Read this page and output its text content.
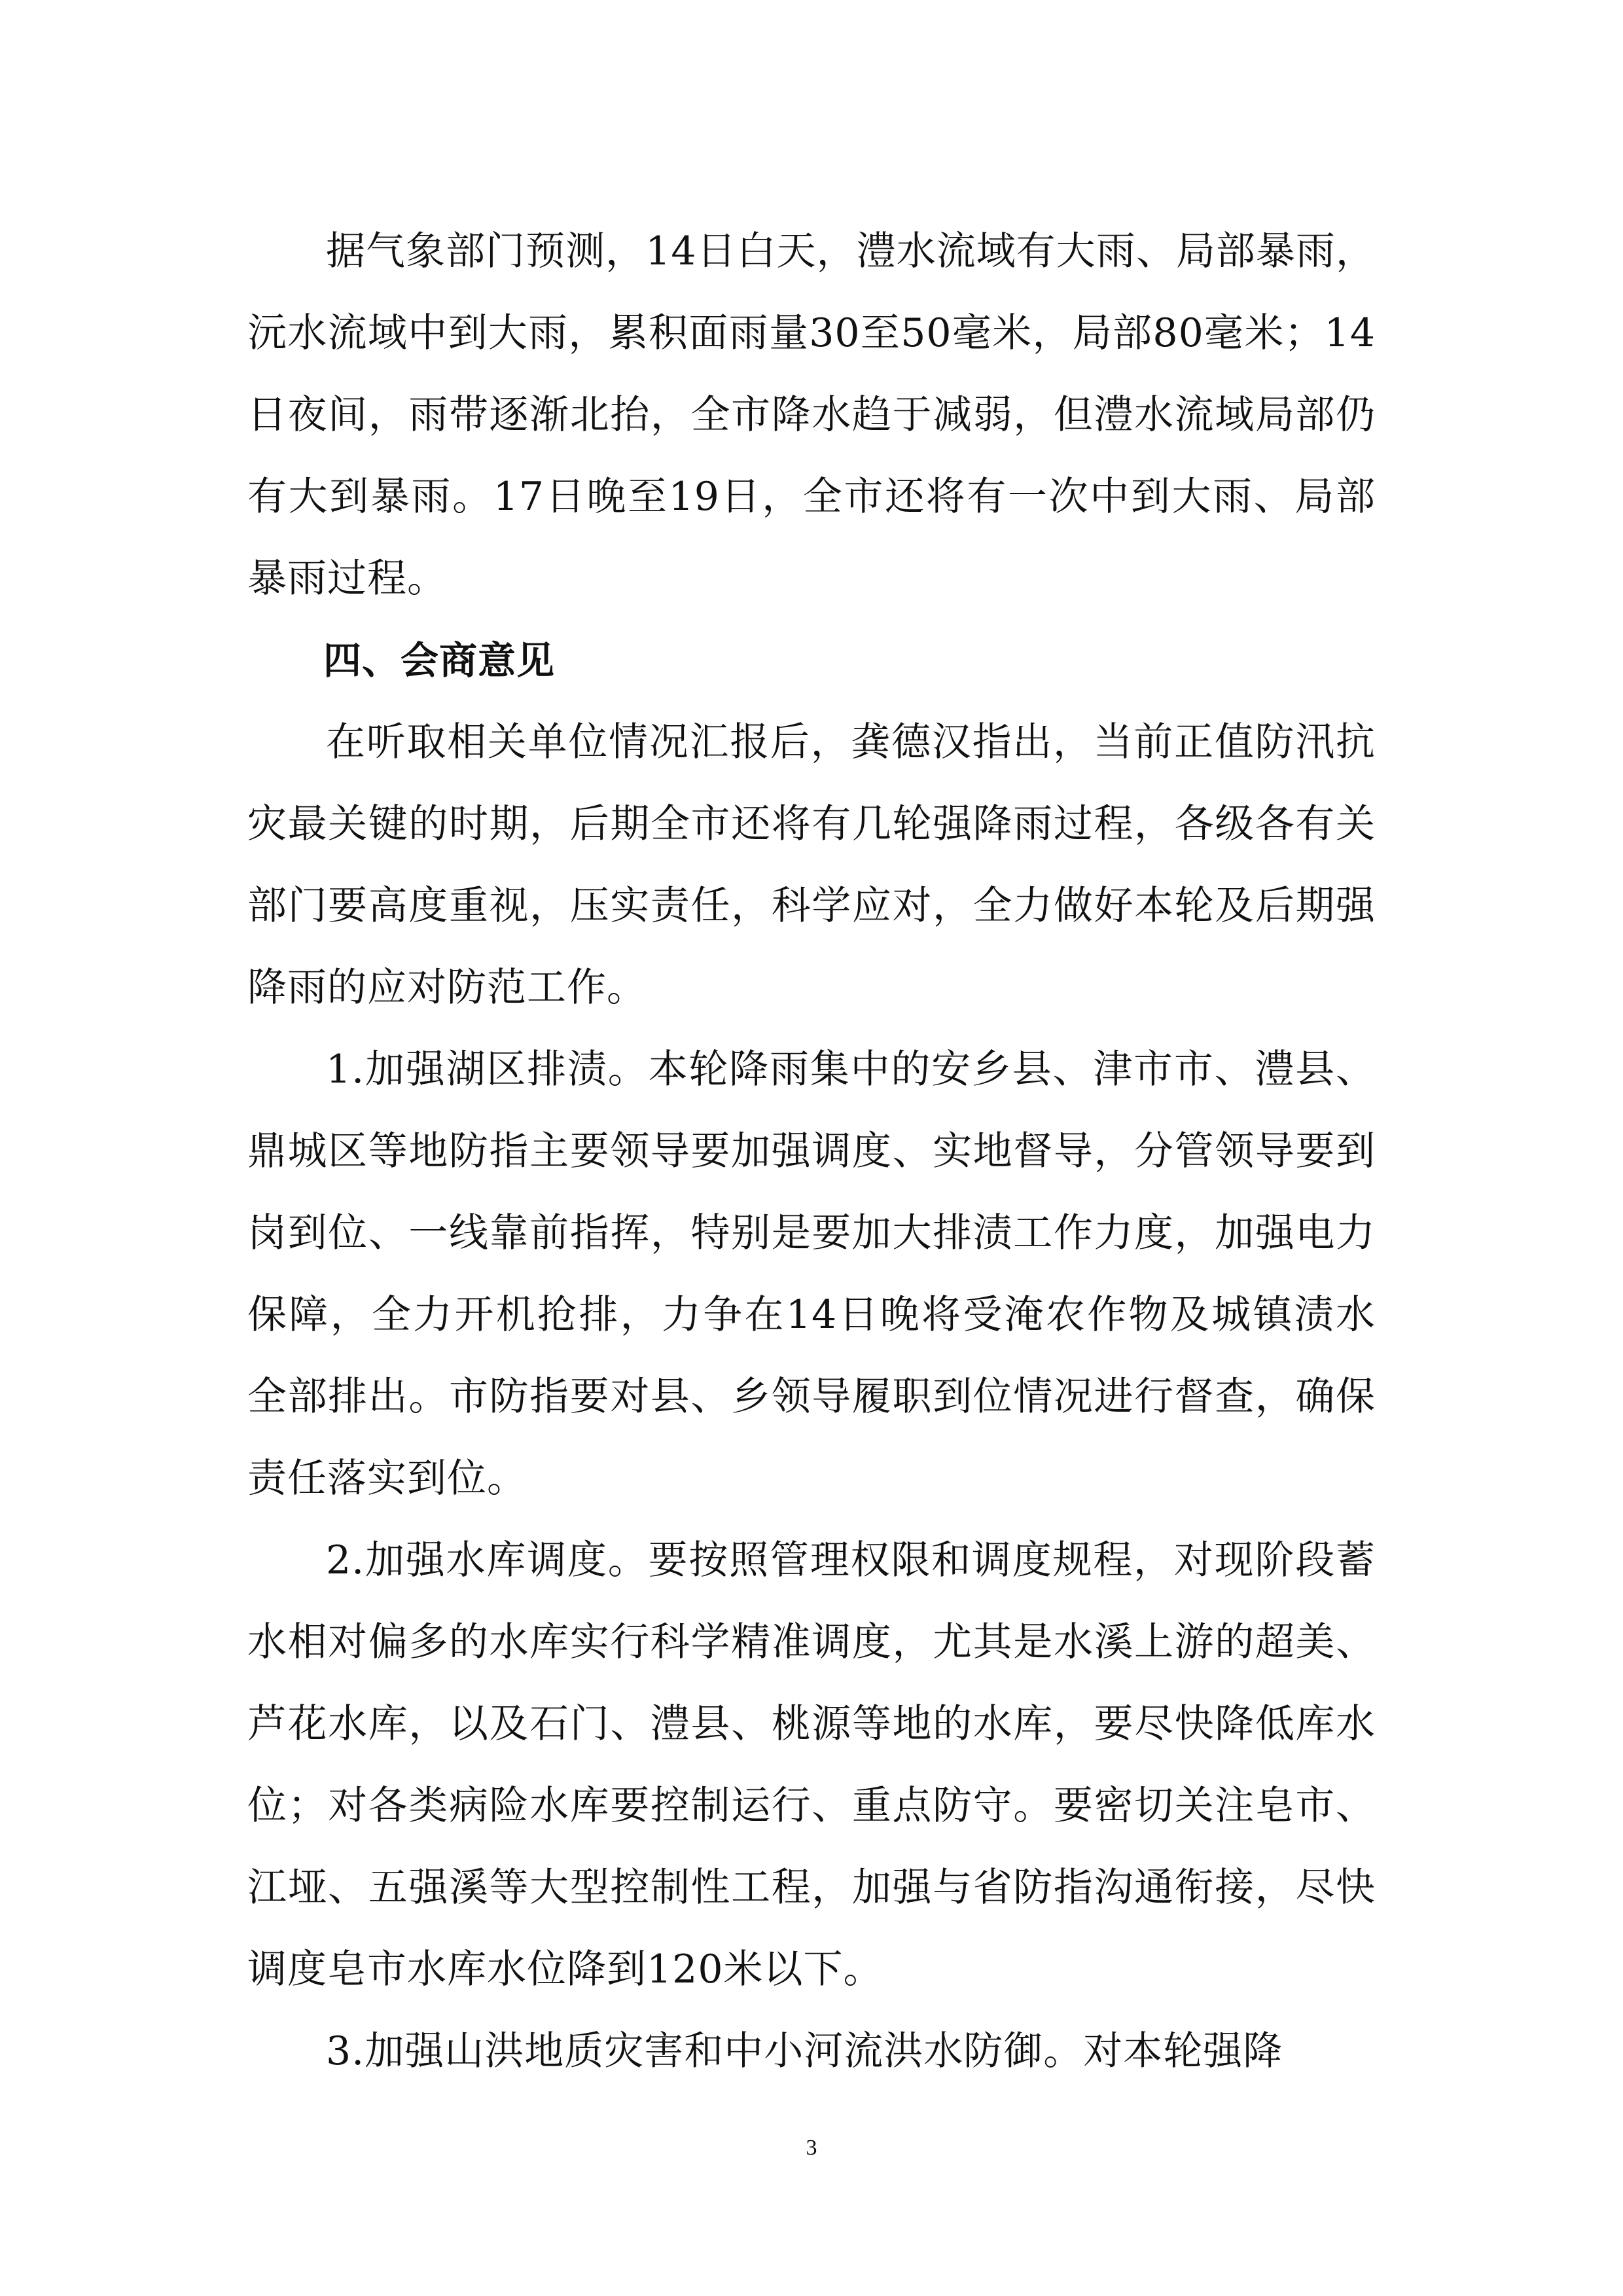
据气象部门预测，14日白天，澧水流域有大雨、局部暴雨，沅水流域中到大雨，累积面雨量30至50毫米，局部80毫米；14日夜间，雨带逐渐北抬，全市降水趋于减弱，但澧水流域局部仍有大到暴雨。17日晚至19日，全市还将有一次中到大雨、局部暴雨过程。

四、会商意见

在听取相关单位情况汇报后，龚德汉指出，当前正值防汛抗灾最关键的时期，后期全市还将有几轮强降雨过程，各级各有关部门要高度重视，压实责任，科学应对，全力做好本轮及后期强降雨的应对防范工作。

1.加强湖区排渍。本轮降雨集中的安乡县、津市市、澧县、鼎城区等地防指主要领导要加强调度、实地督导，分管领导要到岗到位、一线靠前指挥，特别是要加大排渍工作力度，加强电力保障，全力开机抢排，力争在14日晚将受淹农作物及城镇渍水全部排出。市防指要对县、乡领导履职到位情况进行督查，确保责任落实到位。

2.加强水库调度。要按照管理权限和调度规程，对现阶段蓄水相对偏多的水库实行科学精准调度，尤其是水溪上游的超美、芦花水库，以及石门、澧县、桃源等地的水库，要尽快降低库水位；对各类病险水库要控制运行、重点防守。要密切关注皂市、江垭、五强溪等大型控制性工程，加强与省防指沟通衔接，尽快调度皂市水库水位降到120米以下。

3.加强山洪地质灾害和中小河流洪水防御。对本轮强降

3
